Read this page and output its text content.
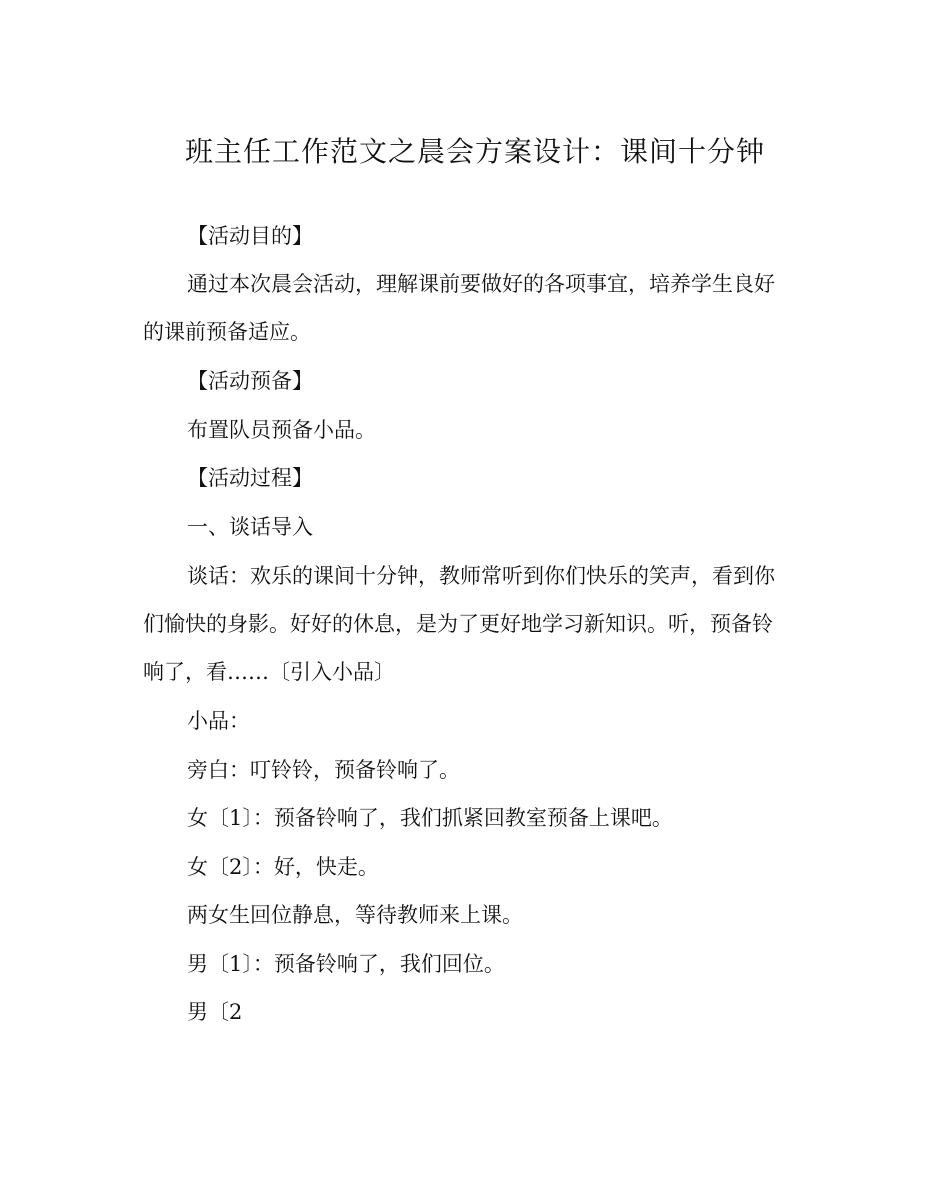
班主任工作范文之晨会方案设计：课间十分钟
【活动目的】
通过本次晨会活动，理解课前要做好的各项事宜，培养学生良好
的课前预备适应。
【活动预备】
布置队员预备小品。
【活动过程】
一、谈话导入
谈话：欢乐的课间十分钟，教师常听到你们快乐的笑声，看到你
们愉快的身影。好好的休息，是为了更好地学习新知识。听，预备铃
响了，看……〔引入小品〕
小品：
旁白：叮铃铃，预备铃响了。
女〔1〕：预备铃响了，我们抓紧回教室预备上课吧。
女〔2〕：好，快走。
两女生回位静息，等待教师来上课。
男〔1〕：预备铃响了，我们回位。
男〔2
